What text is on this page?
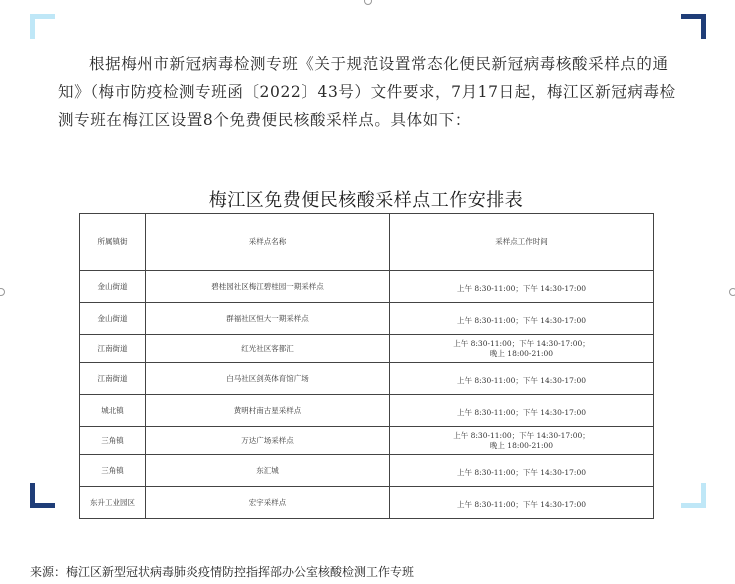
根据梅州市新冠病毒检测专班《关于规范设置常态化便民新冠病毒核酸采样点的通知》（梅市防疫检测专班函〔2022〕43号）文件要求，7月17日起，梅江区新冠病毒检测专班在梅江区设置8个免费便民核酸采样点。具体如下：

梅江区免费便民核酸采样点工作安排表
所属镇街	采样点名称	采样点工作时间
金山街道	碧桂园社区梅江碧桂园一期采样点	上午 8:30-11:00；下午 14:30-17:00

金山街道	群福社区恒大一期采样点	上午 8:30-11:00；下午 14:30-17:00

江南街道	红光社区客都汇	上午 8:30-11:00；下午 14:30-17:00；
晚上 18:00-21:00

江南街道	白马社区剑英体育馆广场	上午 8:30-11:00；下午 14:30-17:00

城北镇	黄明村南古星采样点	上午 8:30-11:00；下午 14:30-17:00

三角镇	万达广场采样点	上午 8:30-11:00；下午 14:30-17:00；
晚上 18:00-21:00

三角镇	东汇城	上午 8:30-11:00；下午 14:30-17:00

东升工业园区	宏宇采样点	上午 8:30-11:00；下午 14:30-17:00
来源：梅江区新型冠状病毒肺炎疫情防控指挥部办公室核酸检测工作专班
